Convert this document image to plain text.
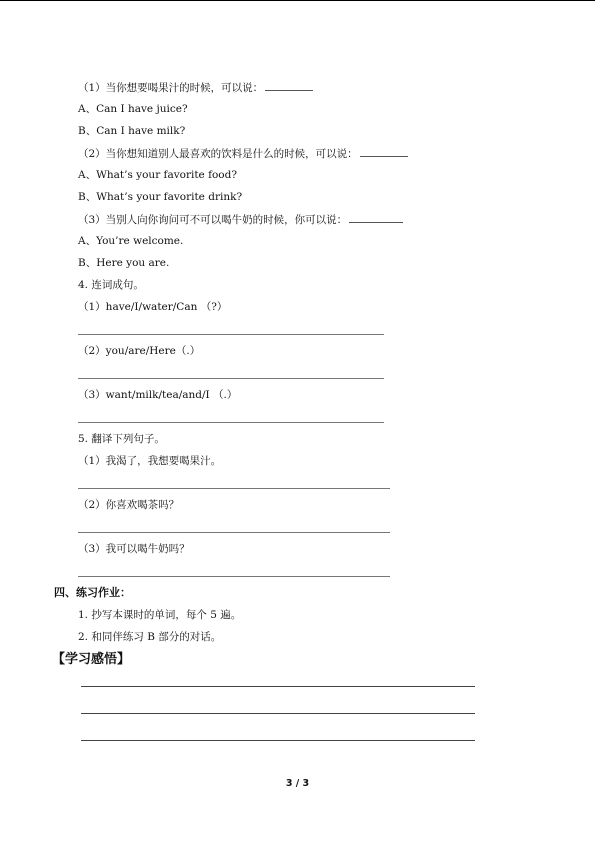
（1）当你想要喝果汁的时候，可以说：
A、Can I have juice?
B、Can I have milk?
（2）当你想知道别人最喜欢的饮料是什么的时候，可以说：
A、What’s your favorite food?
B、What’s your favorite drink?
（3）当别人向你询问可不可以喝牛奶的时候，你可以说：
A、You’re welcome.
B、Here you are.
4. 连词成句。
（1）have/I/water/Can （?）
（2）you/are/Here（.）
（3）want/milk/tea/and/I （.）
5. 翻译下列句子。
（1）我渴了，我想要喝果汁。
（2）你喜欢喝茶吗？
（3）我可以喝牛奶吗？
四、练习作业：
1. 抄写本课时的单词，每个 5 遍。
2. 和同伴练习 B 部分的对话。
【学习感悟】
3 / 3
